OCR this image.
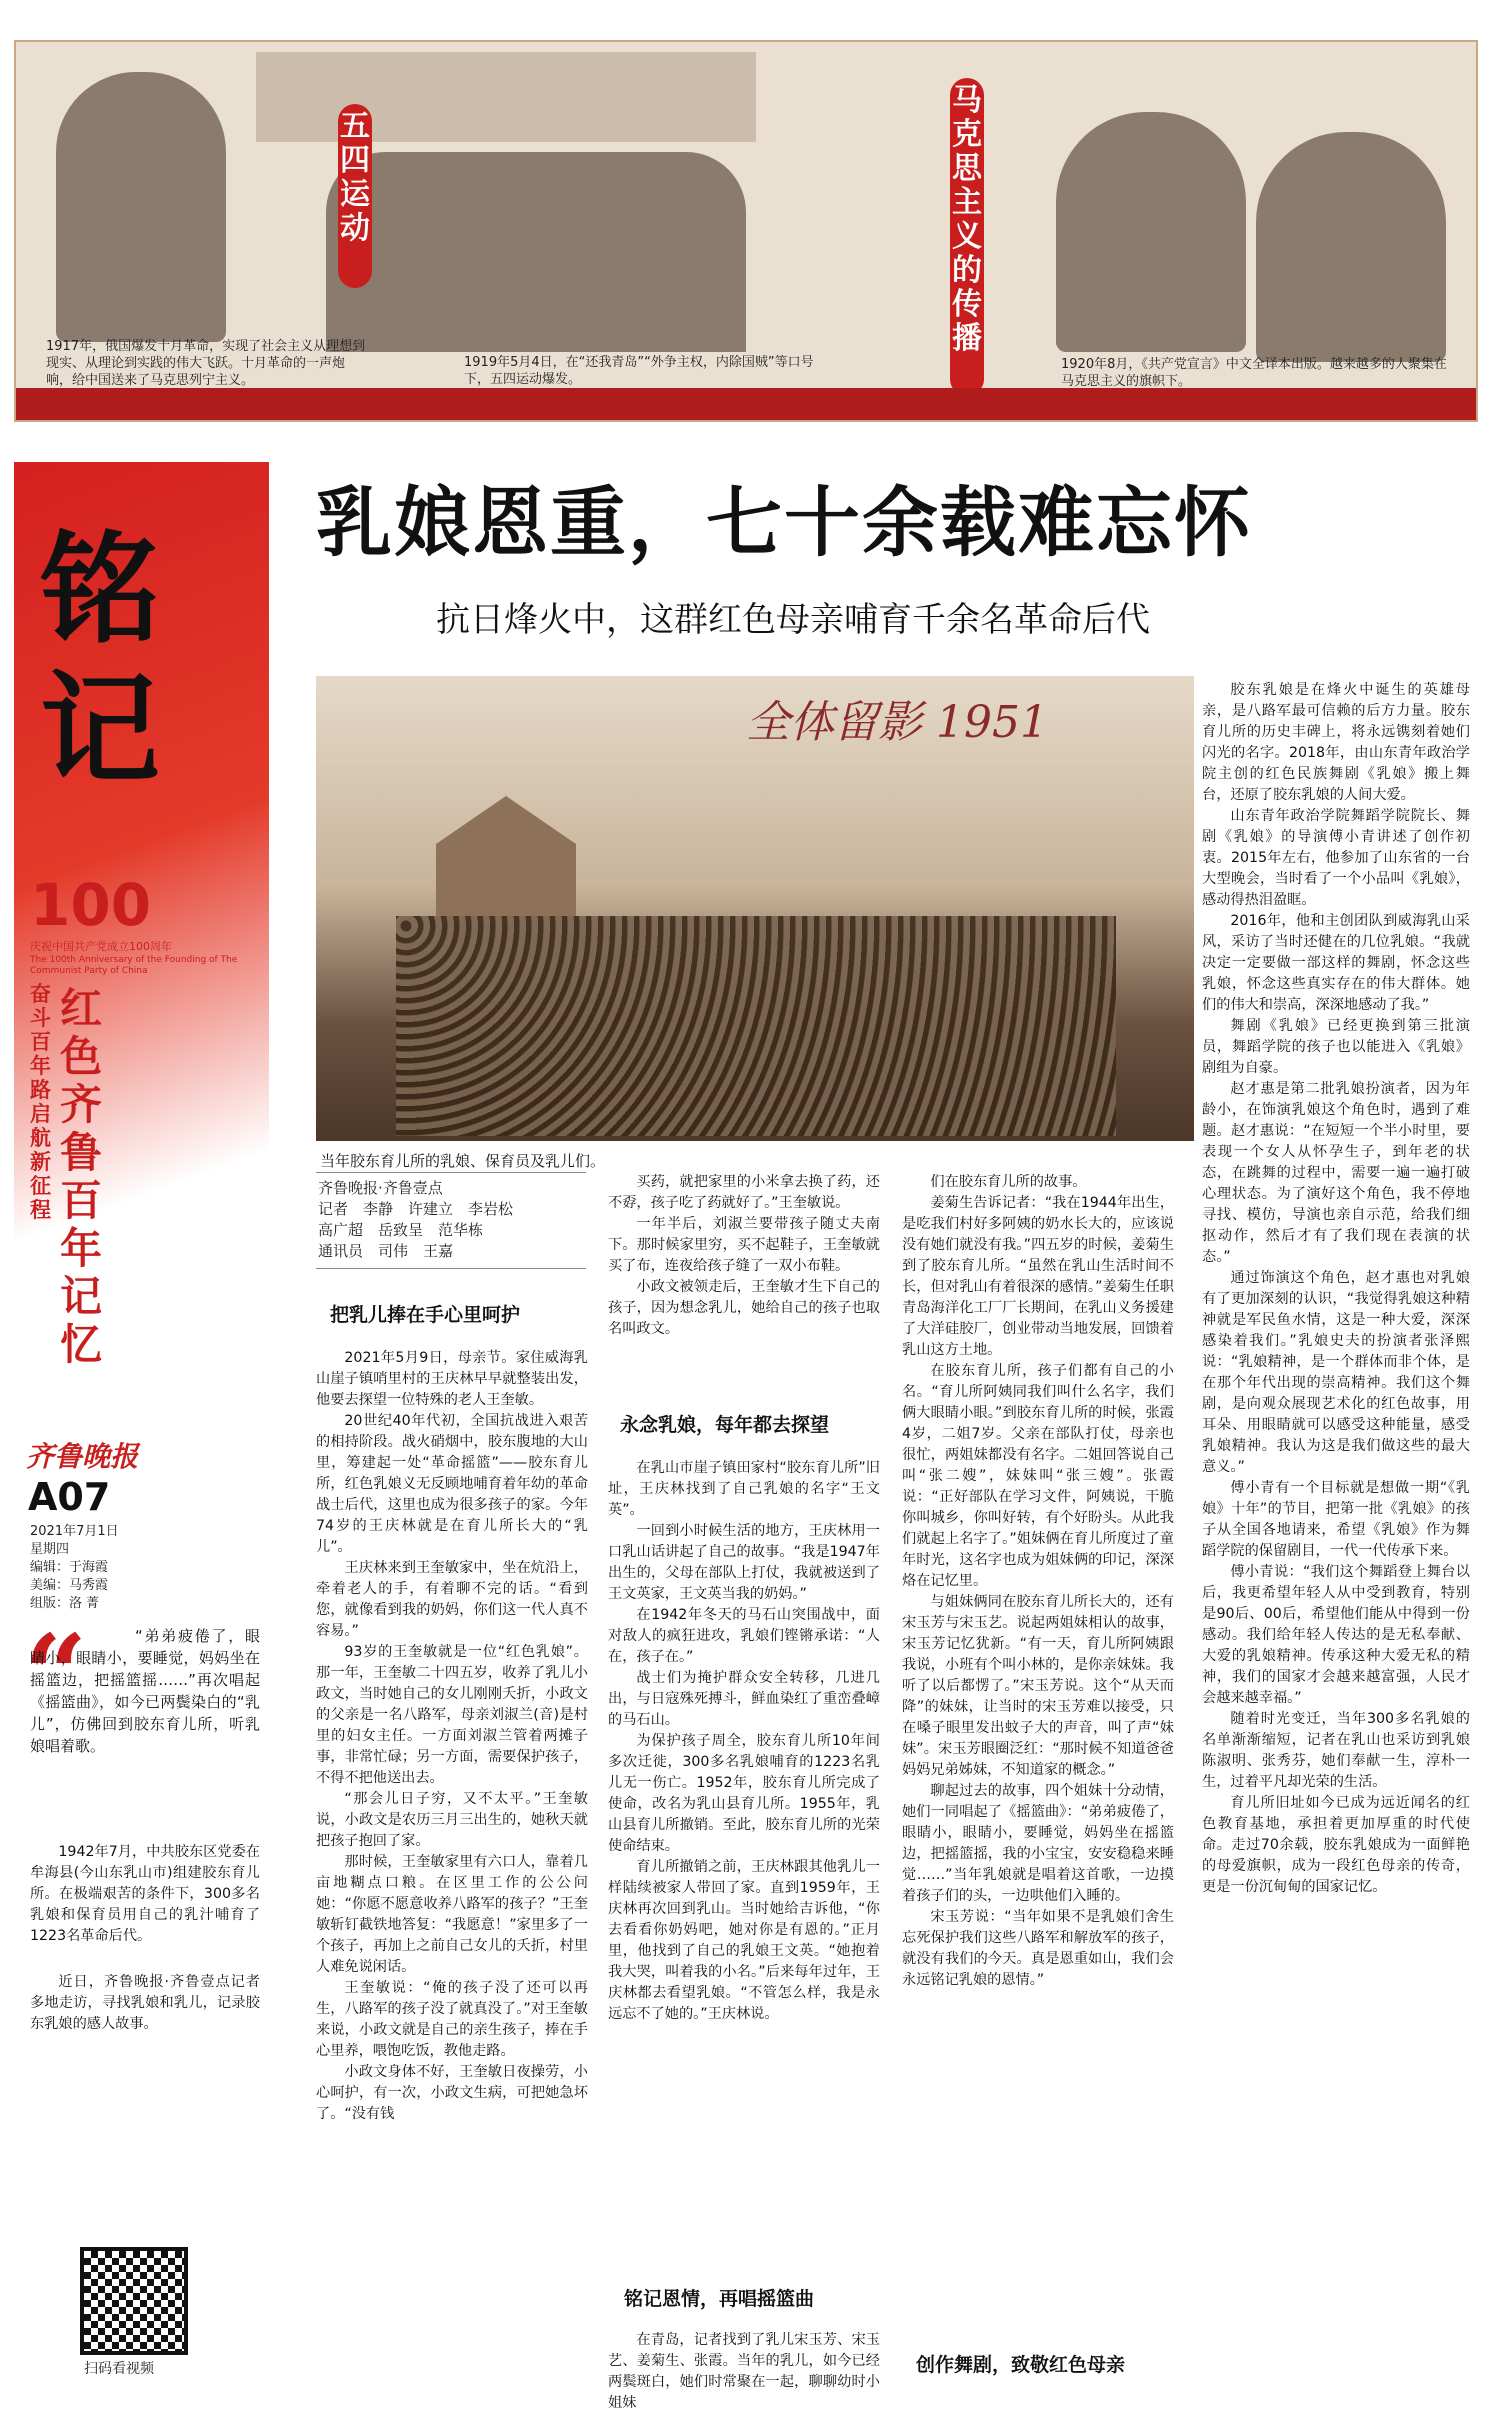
五四运动
马克思主义的传播
1917年，俄国爆发十月革命，实现了社会主义从理想到现实、从理论到实践的伟大飞跃。十月革命的一声炮响，给中国送来了马克思列宁主义。
1919年5月4日，在“还我青岛”“外争主权，内除国贼”等口号下，五四运动爆发。
1920年8月，《共产党宣言》中文全译本出版。越来越多的人聚集在马克思主义的旗帜下。
铭记
100
庆祝中国共产党成立100周年
The 100th Anniversary of the Founding of The Communist Party of China
奋斗百年路 启航新征程
红色齐鲁 百年记忆
齐鲁晚报
A07
2021年7月1日
星期四
编辑：于海霞
美编：马秀霞
组版：洛 菁
“	“弟弟疲倦了，眼睛小，眼睛小，要睡觉，妈妈坐在摇篮边，把摇篮摇……”再次唱起《摇篮曲》，如今已两鬓染白的“乳儿”，仿佛回到胶东育儿所，听乳娘唱着歌。

1942年7月，中共胶东区党委在牟海县(今山东乳山市)组建胶东育儿所。在极端艰苦的条件下，300多名乳娘和保育员用自己的乳汁哺育了1223名革命后代。

近日，齐鲁晚报·齐鲁壹点记者多地走访，寻找乳娘和乳儿，记录胶东乳娘的感人故事。

扫码看视频
乳娘恩重，七十余载难忘怀
抗日烽火中，这群红色母亲哺育千余名革命后代
全体留影 1951
当年胶东育儿所的乳娘、保育员及乳儿们。
齐鲁晚报·齐鲁壹点
记者　李静　许建立　李岩松
高广超　岳致呈　范华栋
通讯员　司伟　王嘉
把乳儿捧在手心里呵护

2021年5月9日，母亲节。家住威海乳山崖子镇哨里村的王庆林早早就整装出发，他要去探望一位特殊的老人王奎敏。

20世纪40年代初，全国抗战进入艰苦的相持阶段。战火硝烟中，胶东腹地的大山里，筹建起一处“革命摇篮”——胶东育儿所，红色乳娘义无反顾地哺育着年幼的革命战士后代，这里也成为很多孩子的家。今年74岁的王庆林就是在育儿所长大的“乳儿”。

王庆林来到王奎敏家中，坐在炕沿上，牵着老人的手，有着聊不完的话。“看到您，就像看到我的奶妈，你们这一代人真不容易。”

93岁的王奎敏就是一位“红色乳娘”。那一年，王奎敏二十四五岁，收养了乳儿小政文，当时她自己的女儿刚刚夭折，小政文的父亲是一名八路军，母亲刘淑兰(音)是村里的妇女主任。一方面刘淑兰管着两摊子事，非常忙碌；另一方面，需要保护孩子，不得不把他送出去。

“那会儿日子穷，又不太平。”王奎敏说，小政文是农历三月三出生的，她秋天就把孩子抱回了家。

那时候，王奎敏家里有六口人，靠着几亩地糊点口粮。在区里工作的公公问她：“你愿不愿意收养八路军的孩子？”王奎敏斩钉截铁地答复：“我愿意！”家里多了一个孩子，再加上之前自己女儿的夭折，村里人难免说闲话。

王奎敏说：“俺的孩子没了还可以再生，八路军的孩子没了就真没了。”对王奎敏来说，小政文就是自己的亲生孩子，捧在手心里养，喂饱吃饭，教他走路。

小政文身体不好，王奎敏日夜操劳，小心呵护，有一次，小政文生病，可把她急坏了。“没有钱

买药，就把家里的小米拿去换了药，还不孬，孩子吃了药就好了。”王奎敏说。

一年半后，刘淑兰要带孩子随丈夫南下。那时候家里穷，买不起鞋子，王奎敏就买了布，连夜给孩子缝了一双小布鞋。

小政文被领走后，王奎敏才生下自己的孩子，因为想念乳儿，她给自己的孩子也取名叫政文。

永念乳娘，每年都去探望

在乳山市崖子镇田家村“胶东育儿所”旧址，王庆林找到了自己乳娘的名字“王文英”。

一回到小时候生活的地方，王庆林用一口乳山话讲起了自己的故事。“我是1947年出生的，父母在部队上打仗，我就被送到了王文英家，王文英当我的奶妈。”

在1942年冬天的马石山突围战中，面对敌人的疯狂进攻，乳娘们铿锵承诺：“人在，孩子在。”

战士们为掩护群众安全转移，几进几出，与日寇殊死搏斗，鲜血染红了重峦叠嶂的马石山。

为保护孩子周全，胶东育儿所10年间多次迁徙，300多名乳娘哺育的1223名乳儿无一伤亡。1952年，胶东育儿所完成了使命，改名为乳山县育儿所。1955年，乳山县育儿所撤销。至此，胶东育儿所的光荣使命结束。

育儿所撤销之前，王庆林跟其他乳儿一样陆续被家人带回了家。直到1959年，王庆林再次回到乳山。当时她给吉诉他，“你去看看你奶妈吧，她对你是有恩的。”正月里，他找到了自己的乳娘王文英。“她抱着我大哭，叫着我的小名。”后来每年过年，王庆林都去看望乳娘。“不管怎么样，我是永远忘不了她的。”王庆林说。

铭记恩情，再唱摇篮曲

在青岛，记者找到了乳儿宋玉芳、宋玉艺、姜菊生、张霞。当年的乳儿，如今已经两鬓斑白，她们时常聚在一起，聊聊幼时小姐妹

们在胶东育儿所的故事。

姜菊生告诉记者：“我在1944年出生，是吃我们村好多阿姨的奶水长大的，应该说没有她们就没有我。”四五岁的时候，姜菊生到了胶东育儿所。“虽然在乳山生活时间不长，但对乳山有着很深的感情。”姜菊生任职青岛海洋化工厂厂长期间，在乳山义务援建了大洋硅胶厂，创业带动当地发展，回馈着乳山这方土地。

在胶东育儿所，孩子们都有自己的小名。“育儿所阿姨同我们叫什么名字，我们俩大眼睛小眼。”到胶东育儿所的时候，张霞4岁，二姐7岁。父亲在部队打仗，母亲也很忙，两姐妹都没有名字。二姐回答说自己叫“张二嫂”，妹妹叫“张三嫂”。张霞说：“正好部队在学习文件，阿姨说，干脆你叫城乡，你叫好转，有个好盼头。从此我们就起上名字了。”姐妹俩在育儿所度过了童年时光，这名字也成为姐妹俩的印记，深深烙在记忆里。

与姐妹俩同在胶东育儿所长大的，还有宋玉芳与宋玉艺。说起两姐妹相认的故事，宋玉芳记忆犹新。“有一天，育儿所阿姨跟我说，小班有个叫小林的，是你亲妹妹。我听了以后都愣了。”宋玉芳说。这个“从天而降”的妹妹，让当时的宋玉芳难以接受，只在嗓子眼里发出蚊子大的声音，叫了声“妹妹”。宋玉芳眼圈泛红：“那时候不知道爸爸妈妈兄弟姊妹，不知道家的概念。”

聊起过去的故事，四个姐妹十分动情，她们一同唱起了《摇篮曲》：“弟弟疲倦了，眼睛小，眼睛小，要睡觉，妈妈坐在摇篮边，把摇篮摇，我的小宝宝，安安稳稳来睡觉……”当年乳娘就是唱着这首歌，一边摸着孩子们的头，一边哄他们入睡的。

宋玉芳说：“当年如果不是乳娘们舍生忘死保护我们这些八路军和解放军的孩子，就没有我们的今天。真是恩重如山，我们会永远铭记乳娘的恩情。”

创作舞剧，致敬红色母亲

胶东乳娘是在烽火中诞生的英雄母亲，是八路军最可信赖的后方力量。胶东育儿所的历史丰碑上，将永远镌刻着她们闪光的名字。2018年，由山东青年政治学院主创的红色民族舞剧《乳娘》搬上舞台，还原了胶东乳娘的人间大爱。

山东青年政治学院舞蹈学院院长、舞剧《乳娘》的导演傅小青讲述了创作初衷。2015年左右，他参加了山东省的一台大型晚会，当时看了一个小品叫《乳娘》，感动得热泪盈眶。

2016年，他和主创团队到威海乳山采风，采访了当时还健在的几位乳娘。“我就决定一定要做一部这样的舞剧，怀念这些乳娘，怀念这些真实存在的伟大群体。她们的伟大和崇高，深深地感动了我。”

舞剧《乳娘》已经更换到第三批演员，舞蹈学院的孩子也以能进入《乳娘》剧组为自豪。

赵才惠是第二批乳娘扮演者，因为年龄小，在饰演乳娘这个角色时，遇到了难题。赵才惠说：“在短短一个半小时里，要表现一个女人从怀孕生子，到年老的状态，在跳舞的过程中，需要一遍一遍打破心理状态。为了演好这个角色，我不停地寻找、模仿，导演也亲自示范，给我们细抠动作，然后才有了我们现在表演的状态。”

通过饰演这个角色，赵才惠也对乳娘有了更加深刻的认识，“我觉得乳娘这种精神就是军民鱼水情，这是一种大爱，深深感染着我们。”乳娘史夫的扮演者张泽熙说：“乳娘精神，是一个群体而非个体，是在那个年代出现的崇高精神。我们这个舞剧，是向观众展现艺术化的红色故事，用耳朵、用眼睛就可以感受这种能量，感受乳娘精神。我认为这是我们做这些的最大意义。”

傅小青有一个目标就是想做一期“《乳娘》十年”的节目，把第一批《乳娘》的孩子从全国各地请来，希望《乳娘》作为舞蹈学院的保留剧目，一代一代传承下来。

傅小青说：“我们这个舞蹈登上舞台以后，我更希望年轻人从中受到教育，特别是90后、00后，希望他们能从中得到一份感动。我们给年轻人传达的是无私奉献、大爱的乳娘精神。传承这种大爱无私的精神，我们的国家才会越来越富强，人民才会越来越幸福。”

随着时光变迁，当年300多名乳娘的名单渐渐缩短，记者在乳山也采访到乳娘陈淑明、张秀芬，她们奉献一生，淳朴一生，过着平凡却光荣的生活。

育儿所旧址如今已成为远近闻名的红色教育基地，承担着更加厚重的时代使命。走过70余载，胶东乳娘成为一面鲜艳的母爱旗帜，成为一段红色母亲的传奇，更是一份沉甸甸的国家记忆。
